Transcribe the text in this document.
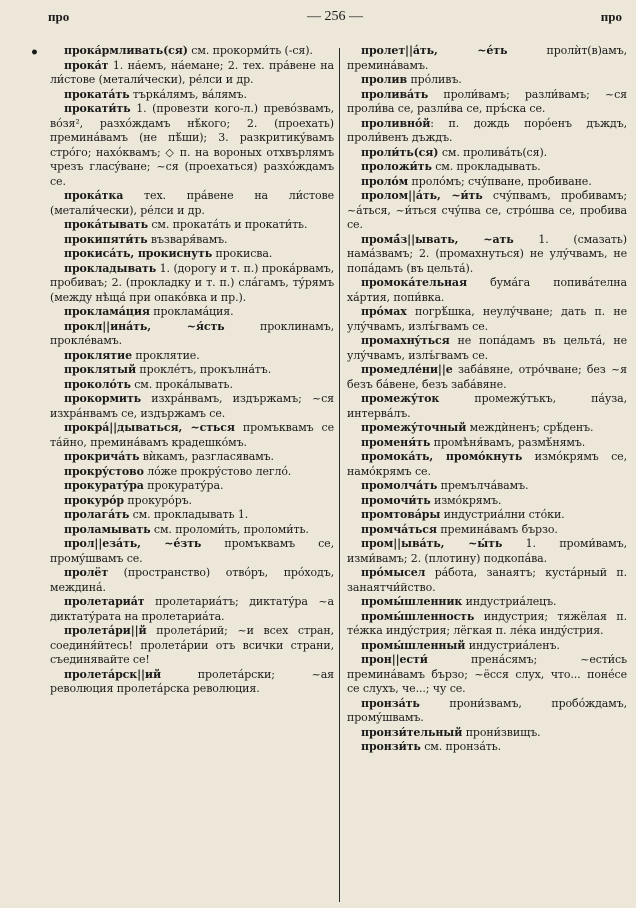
про	— 256 —	про
•	прока́рмливать(ся) см. прокорми́ть (-ся).

прока́т 1. на́емъ, на́емане; 2. тех. пра́вене на ли́стове (метали́чески), ре́лси и др.

прокатáть търкáлямъ, вáлямъ.

прокати́ть 1. (провезти кого-л.) превóзвамъ, вóзя², разхóждамъ нѣ́кого; 2. (проехать) преминáвамъ (не пѣ́ши); 3. разкритикýвамъ стрóго; нахóквамъ; ◇ п. на вороных отхвърлямъ чрезъ гласýване; ~ся (проехаться) разхóждамъ се.

прокáтка тех. прáвене на ли́стове (метали́чески), ре́лси и др.

прокáтывать см. прокатáть и прокати́ть.

прокипяти́ть възваря́вамъ.

прокисáть, прокиснуть прокисва.

прокладывать 1. (дорогу и т. п.) прокáрвамъ, пробиваъ; 2. (прокладку и т. п.) слáгамъ, тýрямъ (между нѣщá при опакóвка и пр.).

прокламáция прокламáция.

прокл||инáть, ~я́сть проклинамъ, проклéвамъ.

проклятие проклятие.

проклятый проклéтъ, прокълнáтъ.

проколóть см. прокáлывать.

прокормить изхрáнвамъ, издържамъ; ~ся изхрáнвамъ се, издържамъ се.

прокрá||дываться, ~сться промъквамъ се тáйно, преминáвамъ крадешкóмъ.

прокричáть вѝкамъ, разгласявамъ.

прокрýстово лóже прокрýстово леглó.

прокуратýра прокуратýра.

прокурóр прокурóръ.

пролагáть см. прокладывать 1.

проламывать см. проломи́ть, проломи́ть.

прол||езáть, ~éзть промъквамъ се, промýшвамъ се.

пролёт (пространство) отвóръ, прóходъ, междинá.

пролетариáт пролетариáтъ; диктатýра ~а диктатýрата на пролетариáта.

пролетáри||й пролетáрий; ~и всех стран, соединя́йтесь! пролетáрии отъ всички страни, съединявайте се!

пролетáрск||ий пролетáрски; ~ая революция пролетáрска революция.

пролет||áть, ~éть пролѝт(в)амъ, преминáвамъ.

пролив прóливъ.

проливáть проли́вамъ; разли́вамъ; ~ся проли́ва се, разли́ва се, пръ́ска се.

проливнóй: п. дождь порóенъ дъждъ, проли́венъ дъждъ.

проли́ть(ся) см. проливáть(ся).

проложи́ть см. прокладывать.

пролóм пролóмъ; счýпване, пробиване.

пролом||áть, ~и́ть счýпвамъ, пробивамъ; ~áться, ~и́ться счýпва се, стрóшва се, пробива се.

промá́з||ывать, ~ать 1. (смазать) намáзвамъ; 2. (промахнуться) не улýчвамъ, не попáдамъ (въ цельтá).

промокáтельная бумáга попивáтелна хáртия, попи́вка.

прóмах погрѣ́шка, неулýчване; дать п. не улýчвамъ, излъ́гвамъ се.

промахнýться не попáдамъ въ цельтá, не улýчвамъ, излъ́гвамъ се.

промедлéни||е забáвяне, отрóчване; без ~я безъ бáвене, безъ забáвяне.

промежýток промежýтъкъ, пáуза, интервáлъ.

промежýточный междѝненъ; срѣ́денъ.

променя́ть промѣня́вамъ, размѣ́нямъ.

промокáть, промóкнуть измóкрямъ се, намóкрямъ се.

промолчáть премълчáвамъ.

промочи́ть измóкрямъ.

промтовáры индустриáлни стóки.

промчáться преминáвамъ бързо.

пром||ывáть, ~ы́ть 1. проми́вамъ, изми́вамъ; 2. (плотину) подкопáва.

прóмысел рáбота, занаятъ; кустáрный п. занаятчи́йство.

промы́шленник индустриáлецъ.

промы́шленность индустрия; тяжёлая п. тéжка индýстрия; лёгкая п. лéка индýстрия.

промы́шленный индустриáленъ.

прон||ести́ пренáсямъ; ~ести́сь преминáвамъ бързо; ~ёсся слух, что... понéсе се слухъ, че...; чу се.

пронзáть прони́звамъ, пробóждамъ, промýшвамъ.

пронзи́тельный прони́звищъ.

пронзи́ть см. пронзáть.
